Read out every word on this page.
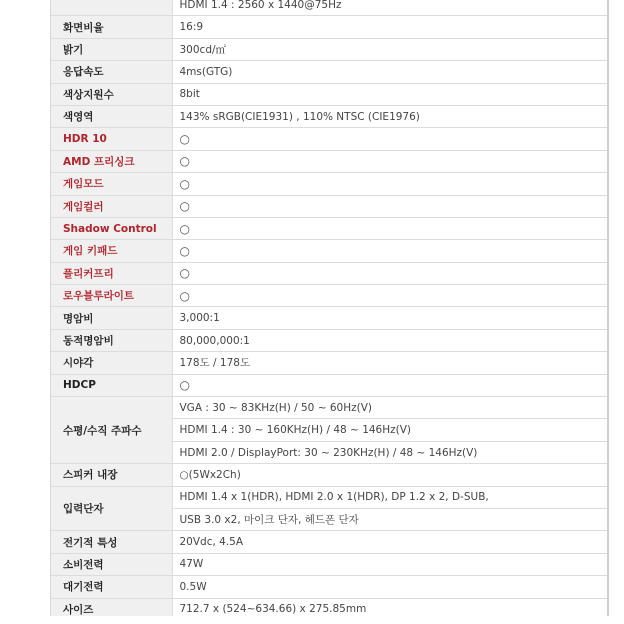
	HDMI 1.4 : 2560 x 1440@75Hz
화면비율	16:9
밝기	300cd/㎡
응답속도	4ms(GTG)
색상지원수	8bit
색영역	143% sRGB(CIE1931) , 110% NTSC (CIE1976)
HDR 10	○
AMD 프리싱크	○
게임모드	○
게임컬러	○
Shadow Control	○
게임 키패드	○
플리커프리	○
로우블루라이트	○
명암비	3,000:1
동적명암비	80,000,000:1
시야각	178도 / 178도
HDCP	○
수평/수직 주파수	VGA : 30 ~ 83KHz(H) / 50 ~ 60Hz(V)
	HDMI 1.4 : 30 ~ 160KHz(H) / 48 ~ 146Hz(V)
	HDMI 2.0 / DisplayPort: 30 ~ 230KHz(H) / 48 ~ 146Hz(V)
스피커 내장	○(5Wx2Ch)
입력단자	HDMI 1.4 x 1(HDR), HDMI 2.0 x 1(HDR), DP 1.2 x 2, D-SUB,
	USB 3.0 x2, 마이크 단자, 헤드폰 단자
전기적 특성	20Vdc, 4.5A
소비전력	47W
대기전력	0.5W
사이즈	712.7 x (524~634.66) x 275.85mm
